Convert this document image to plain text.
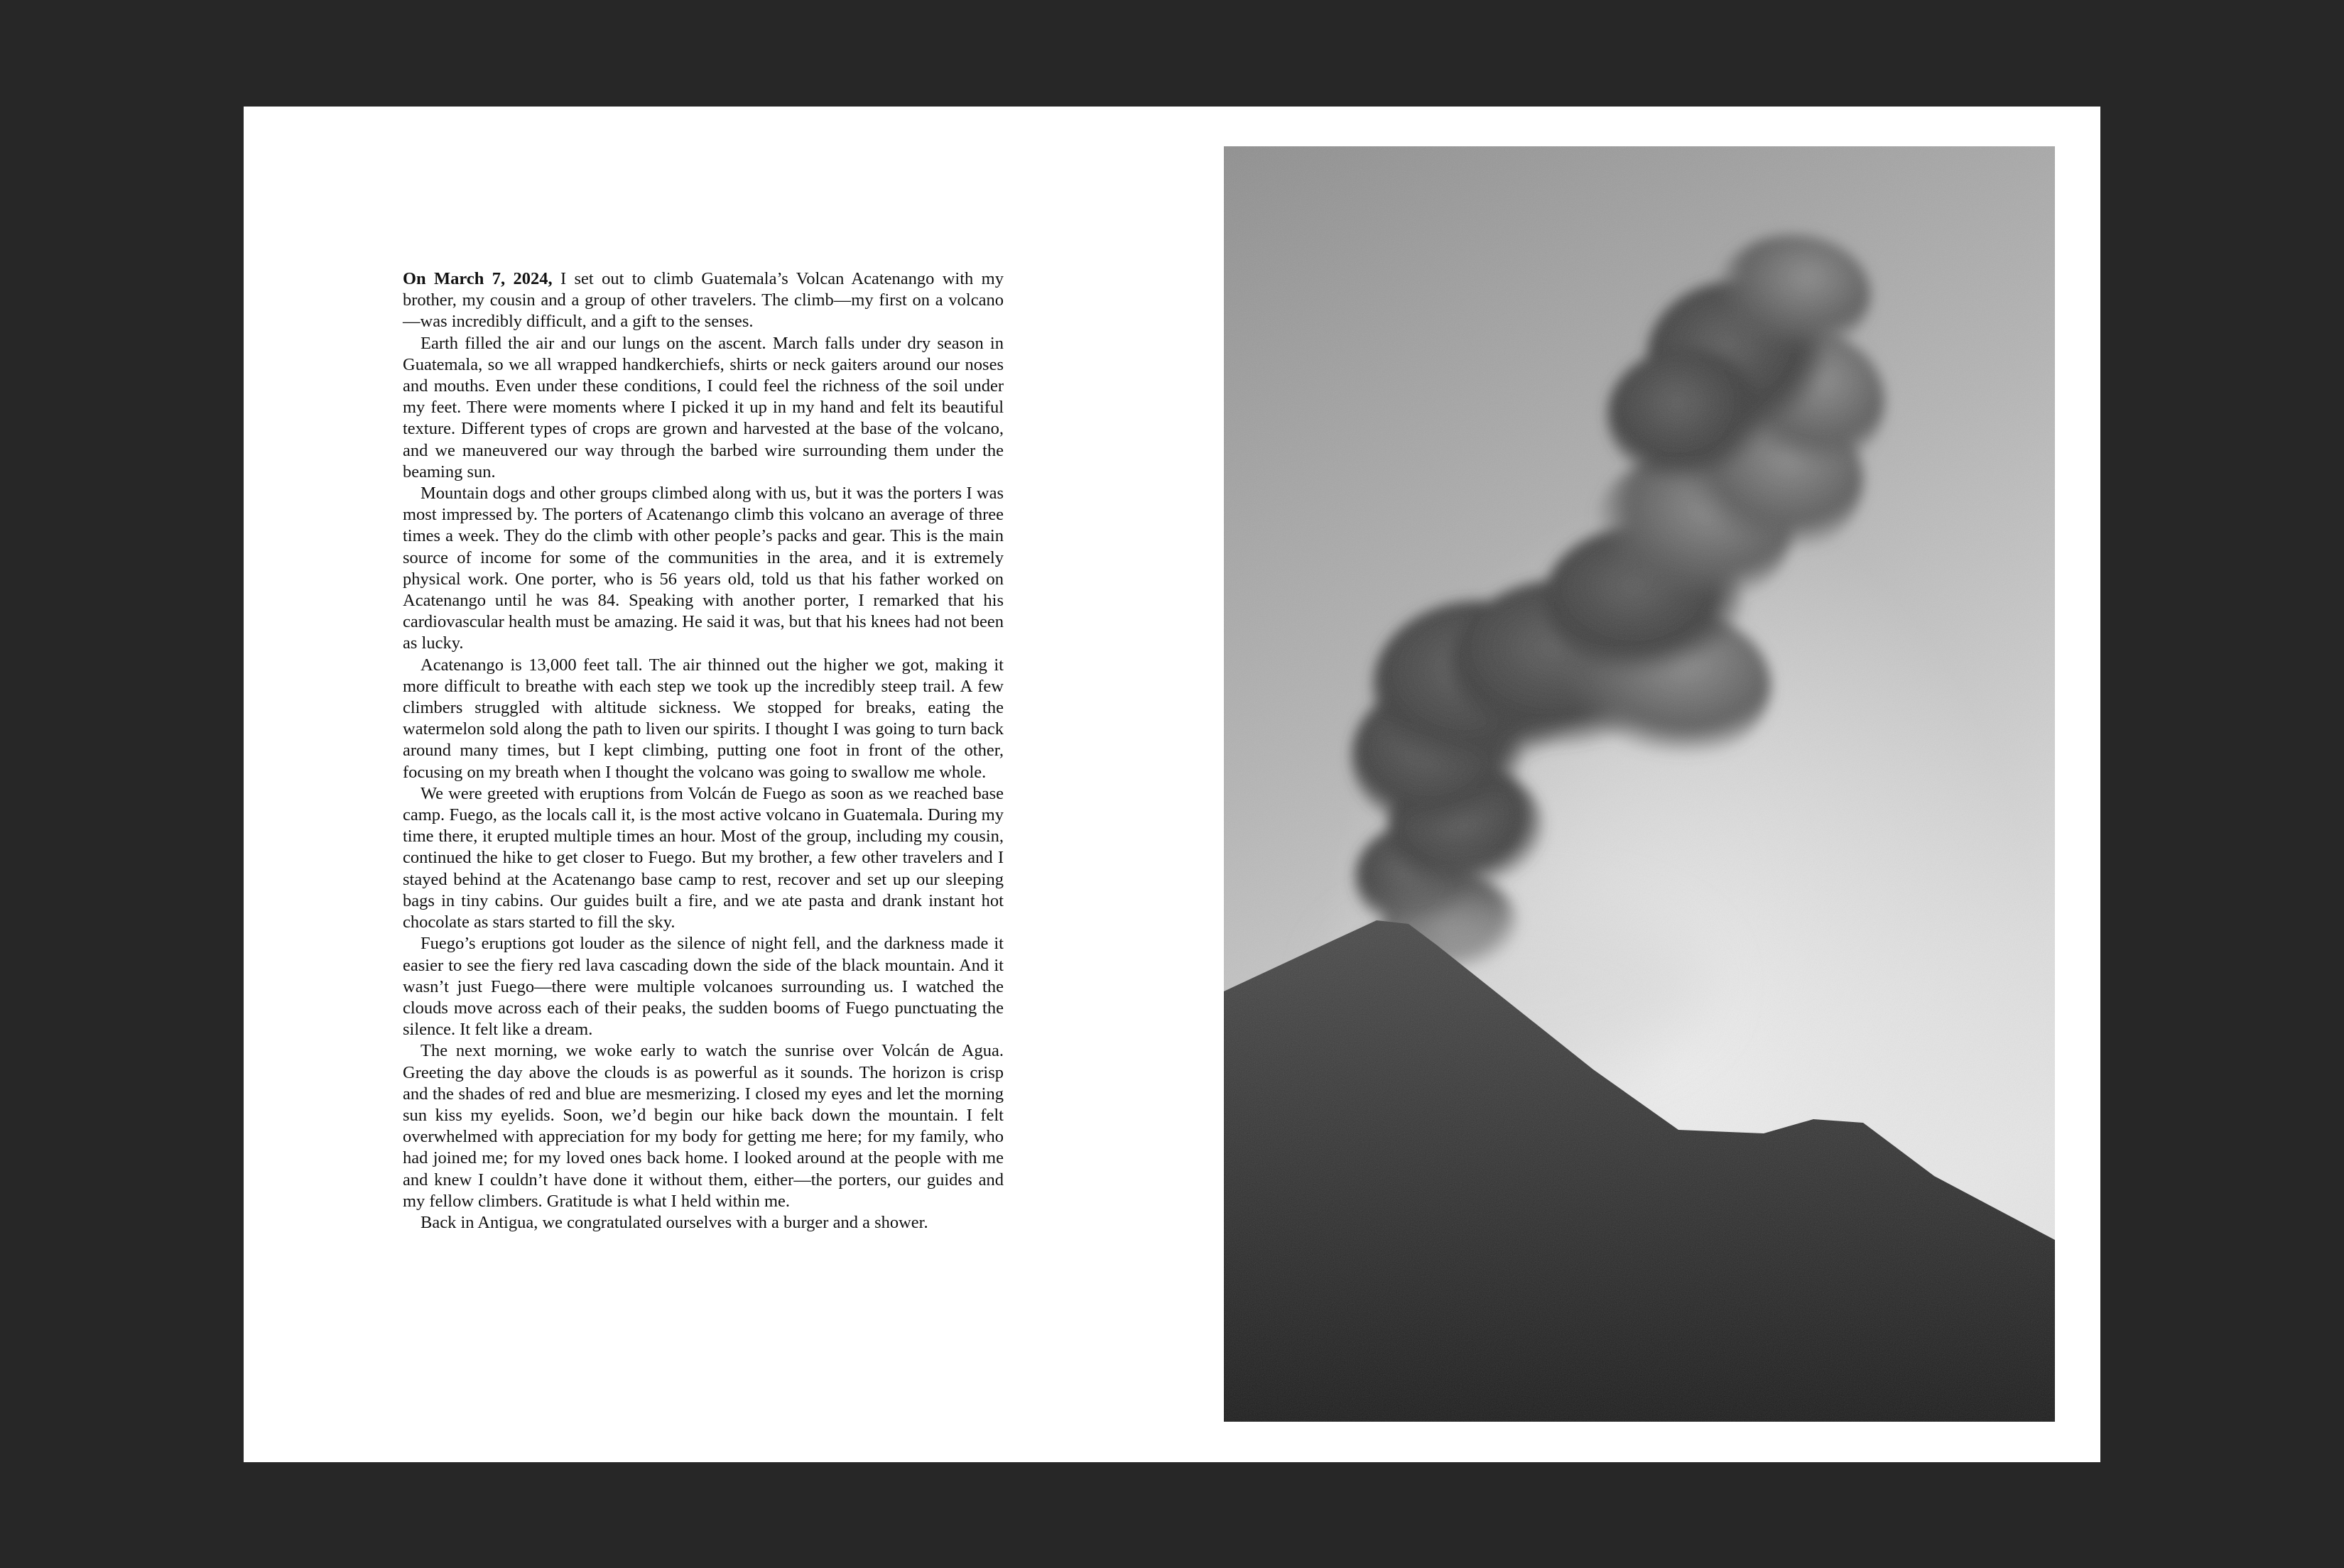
On March 7, 2024, I set out to climb Guatemala’s Volcan Acatenango with my brother, my cousin and a group of other travelers. The climb—my first on a volcano—was incredibly difficult, and a gift to the senses.

Earth filled the air and our lungs on the ascent. March falls under dry season in Guatemala, so we all wrapped handkerchiefs, shirts or neck gaiters around our noses and mouths. Even under these conditions, I could feel the richness of the soil under my feet. There were moments where I picked it up in my hand and felt its beautiful texture. Different types of crops are grown and harvested at the base of the volcano, and we maneuvered our way through the barbed wire surrounding them under the beaming sun.

Mountain dogs and other groups climbed along with us, but it was the porters I was most impressed by. The porters of Acatenango climb this volcano an average of three times a week. They do the climb with other people’s packs and gear. This is the main source of income for some of the communities in the area, and it is extremely physical work. One porter, who is 56 years old, told us that his father worked on Acatenango until he was 84. Speaking with another porter, I remarked that his cardiovascular health must be amazing. He said it was, but that his knees had not been as lucky.

Acatenango is 13,000 feet tall. The air thinned out the higher we got, making it more difficult to breathe with each step we took up the incredibly steep trail. A few climbers struggled with altitude sickness. We stopped for breaks, eating the watermelon sold along the path to liven our spirits. I thought I was going to turn back around many times, but I kept climbing, putting one foot in front of the other, focusing on my breath when I thought the volcano was going to swallow me whole.

We were greeted with eruptions from Volcán de Fuego as soon as we reached base camp. Fuego, as the locals call it, is the most active volcano in Guatemala. During my time there, it erupted multiple times an hour. Most of the group, including my cousin, continued the hike to get closer to Fuego. But my brother, a few other travelers and I stayed behind at the Acatenango base camp to rest, recover and set up our sleeping bags in tiny cabins. Our guides built a fire, and we ate pasta and drank instant hot chocolate as stars started to fill the sky.

Fuego’s eruptions got louder as the silence of night fell, and the darkness made it easier to see the fiery red lava cascading down the side of the black mountain. And it wasn’t just Fuego—there were multiple volcanoes surrounding us. I watched the clouds move across each of their peaks, the sudden booms of Fuego punctuating the silence. It felt like a dream.

The next morning, we woke early to watch the sunrise over Volcán de Agua. Greeting the day above the clouds is as powerful as it sounds. The horizon is crisp and the shades of red and blue are mesmerizing. I closed my eyes and let the morning sun kiss my eyelids. Soon, we’d begin our hike back down the mountain. I felt overwhelmed with appreciation for my body for getting me here; for my family, who had joined me; for my loved ones back home. I looked around at the people with me and knew I couldn’t have done it without them, either—the porters, our guides and my fellow climbers. Gratitude is what I held within me.

Back in Antigua, we congratulated ourselves with a burger and a shower.
